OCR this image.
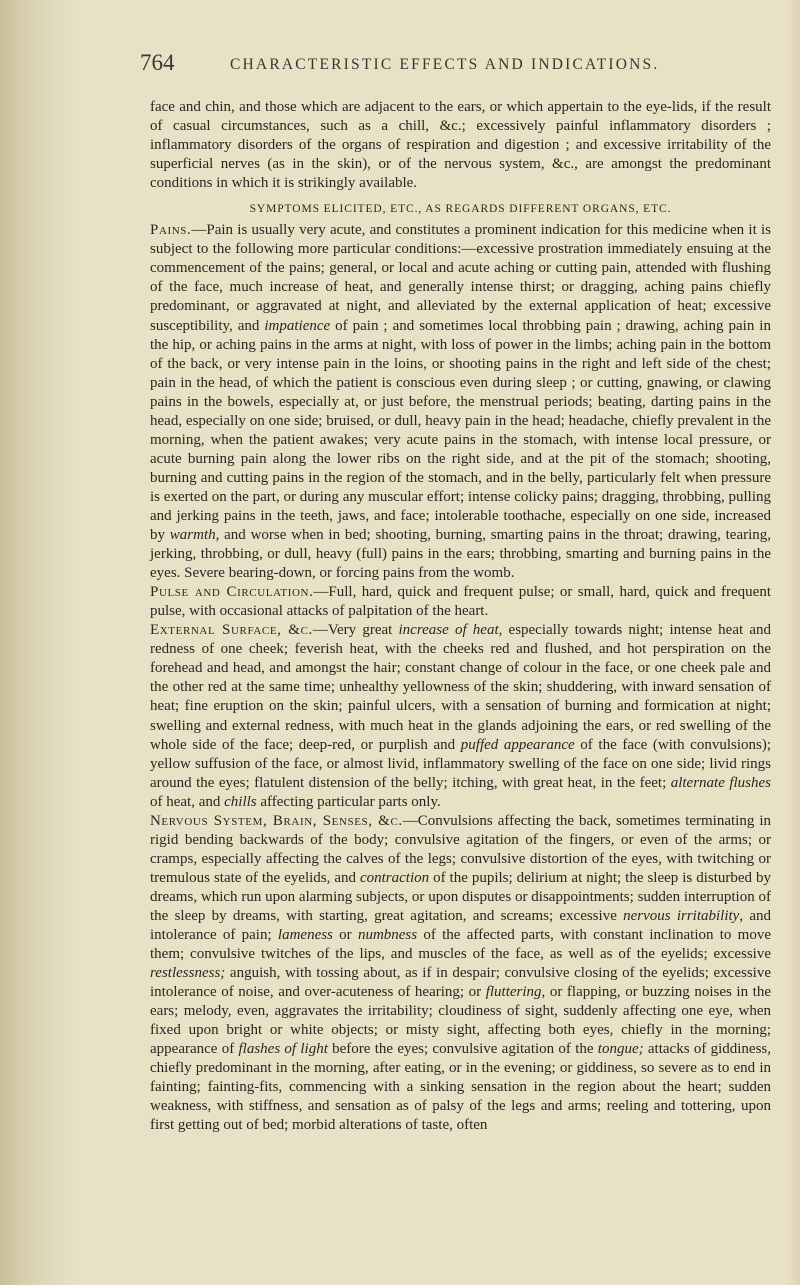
764	CHARACTERISTIC EFFECTS AND INDICATIONS.

face and chin, and those which are adjacent to the ears, or which appertain to the eye-lids, if the result of casual circumstances, such as a chill, &c.; excessively painful inflammatory disorders ; inflammatory disorders of the organs of respiration and digestion ; and excessive irritability of the superficial nerves (as in the skin), or of the nervous system, &c., are amongst the predominant conditions in which it is strikingly available.

SYMPTOMS ELICITED, ETC., AS REGARDS DIFFERENT ORGANS, ETC.

Pains.—Pain is usually very acute, and constitutes a prominent indication for this medicine when it is subject to the following more particular conditions:—excessive prostration immediately ensuing at the commencement of the pains; general, or local and acute aching or cutting pain, attended with flushing of the face, much increase of heat, and generally intense thirst; or dragging, aching pains chiefly predominant, or aggravated at night, and alleviated by the external application of heat; excessive susceptibility, and impatience of pain ; and sometimes local throbbing pain ; drawing, aching pain in the hip, or aching pains in the arms at night, with loss of power in the limbs; aching pain in the bottom of the back, or very intense pain in the loins, or shooting pains in the right and left side of the chest; pain in the head, of which the patient is conscious even during sleep ; or cutting, gnawing, or clawing pains in the bowels, especially at, or just before, the menstrual periods; beating, darting pains in the head, especially on one side; bruised, or dull, heavy pain in the head; headache, chiefly prevalent in the morning, when the patient awakes; very acute pains in the stomach, with intense local pressure, or acute burning pain along the lower ribs on the right side, and at the pit of the stomach; shooting, burning and cutting pains in the region of the stomach, and in the belly, particularly felt when pressure is exerted on the part, or during any muscular effort; intense colicky pains; dragging, throbbing, pulling and jerking pains in the teeth, jaws, and face; intolerable toothache, especially on one side, increased by warmth, and worse when in bed; shooting, burning, smarting pains in the throat; drawing, tearing, jerking, throbbing, or dull, heavy (full) pains in the ears; throbbing, smarting and burning pains in the eyes. Severe bearing-down, or forcing pains from the womb.

Pulse and Circulation.—Full, hard, quick and frequent pulse; or small, hard, quick and frequent pulse, with occasional attacks of palpitation of the heart.

External Surface, &c.—Very great increase of heat, especially towards night; intense heat and redness of one cheek; feverish heat, with the cheeks red and flushed, and hot perspiration on the forehead and head, and amongst the hair; constant change of colour in the face, or one cheek pale and the other red at the same time; unhealthy yellowness of the skin; shuddering, with inward sensation of heat; fine eruption on the skin; painful ulcers, with a sensation of burning and formication at night; swelling and external redness, with much heat in the glands adjoining the ears, or red swelling of the whole side of the face; deep-red, or purplish and puffed appearance of the face (with convulsions); yellow suffusion of the face, or almost livid, inflammatory swelling of the face on one side; livid rings around the eyes; flatulent distension of the belly; itching, with great heat, in the feet; alternate flushes of heat, and chills affecting particular parts only.

Nervous System, Brain, Senses, &c.—Convulsions affecting the back, sometimes terminating in rigid bending backwards of the body; convulsive agitation of the fingers, or even of the arms; or cramps, especially affecting the calves of the legs; convulsive distortion of the eyes, with twitching or tremulous state of the eyelids, and contraction of the pupils; delirium at night; the sleep is disturbed by dreams, which run upon alarming subjects, or upon disputes or disappointments; sudden interruption of the sleep by dreams, with starting, great agitation, and screams; excessive nervous irritability, and intolerance of pain; lameness or numbness of the affected parts, with constant inclination to move them; convulsive twitches of the lips, and muscles of the face, as well as of the eyelids; excessive restlessness; anguish, with tossing about, as if in despair; convulsive closing of the eyelids; excessive intolerance of noise, and over-acuteness of hearing; or fluttering, or flapping, or buzzing noises in the ears; melody, even, aggravates the irritability; cloudiness of sight, suddenly affecting one eye, when fixed upon bright or white objects; or misty sight, affecting both eyes, chiefly in the morning; appearance of flashes of light before the eyes; convulsive agitation of the tongue; attacks of giddiness, chiefly predominant in the morning, after eating, or in the evening; or giddiness, so severe as to end in fainting; fainting-fits, commencing with a sinking sensation in the region about the heart; sudden weakness, with stiffness, and sensation as of palsy of the legs and arms; reeling and tottering, upon first getting out of bed; morbid alterations of taste, often
